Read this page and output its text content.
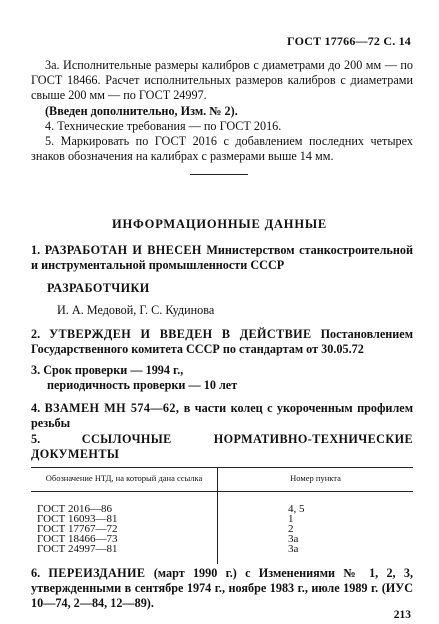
ГОСТ 17766—72 С. 14
3а. Исполнительные размеры калибров с диаметрами до 200 мм — по ГОСТ 18466. Расчет исполнительных размеров калибров с диаметрами свыше 200 мм — по ГОСТ 24997.
(Введен дополнительно, Изм. № 2).
4. Технические требования — по ГОСТ 2016.
5. Маркировать по ГОСТ 2016 с добавлением последних четырех знаков обозначения на калибрах с размерами выше 14 мм.
ИНФОРМАЦИОННЫЕ ДАННЫЕ
1. РАЗРАБОТАН И ВНЕСЕН Министерством станкостроительной и инструментальной промышленности СССР
РАЗРАБОТЧИКИ
И. А. Медовой, Г. С. Кудинова
2. УТВЕРЖДЕН И ВВЕДЕН В ДЕЙСТВИЕ Постановлением Государственного комитета СССР по стандартам от 30.05.72
3. Срок проверки — 1994 г.,
периодичность проверки — 10 лет
4. ВЗАМЕН МН 574—62, в части колец с укороченным профилем резьбы
5.	ССЫЛОЧНЫЕ НОРМАТИВНО-ТЕХНИЧЕСКИЕ ДОКУМЕНТЫ
Обозначение НТД, на который дана ссылка	Номер пункта
ГОСТ 2016—86	4, 5
ГОСТ 16093—81	1
ГОСТ 17767—72	2
ГОСТ 18466—73	3а
ГОСТ 24997—81	3а
6. ПЕРЕИЗДАНИЕ (март 1990 г.) с Изменениями № 1, 2, 3, утвержденными в сентябре 1974 г., ноябре 1983 г., июле 1989 г. (ИУС 10—74, 2—84, 12—89).
213
